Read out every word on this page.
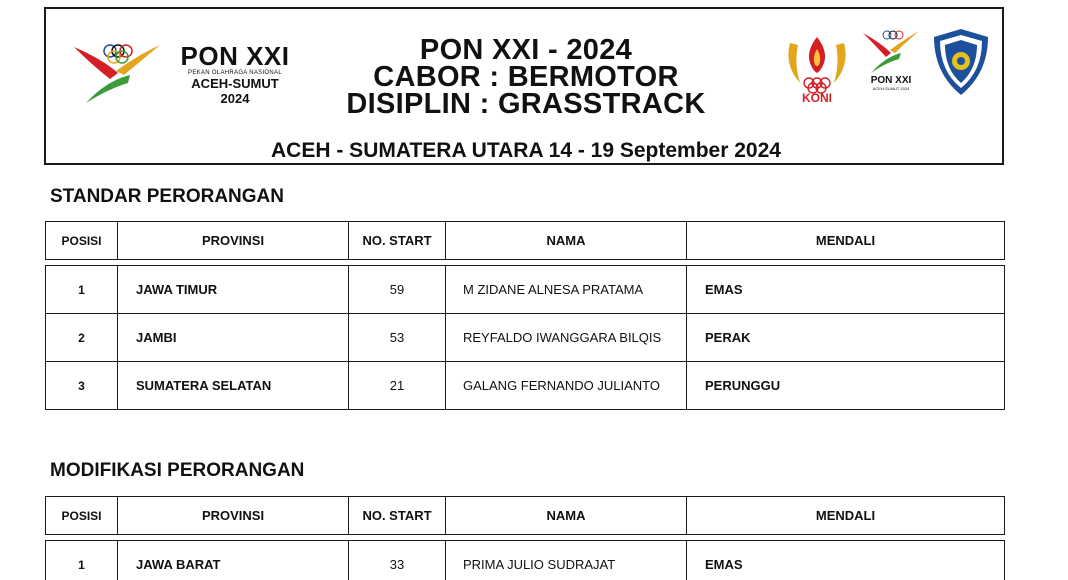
PON XXI
PEKAN OLAHRAGA NASIONAL
ACEH-SUMUT
2024
PON XXI - 2024
CABOR : BERMOTOR
DISIPLIN : GRASSTRACK
ACEH - SUMATERA UTARA 14 - 19 September 2024
KONI
PON XXI
ACEH-SUMUT 2024
STANDAR PERORANGAN
POSISI	PROVINSI	NO. START	NAMA	MENDALI

1	JAWA TIMUR	59	M ZIDANE ALNESA PRATAMA	EMAS
2	JAMBI	53	REYFALDO IWANGGARA BILQIS	PERAK
3	SUMATERA SELATAN	21	GALANG FERNANDO JULIANTO	PERUNGGU
MODIFIKASI PERORANGAN
POSISI	PROVINSI	NO. START	NAMA	MENDALI

1	JAWA BARAT	33	PRIMA JULIO SUDRAJAT	EMAS
